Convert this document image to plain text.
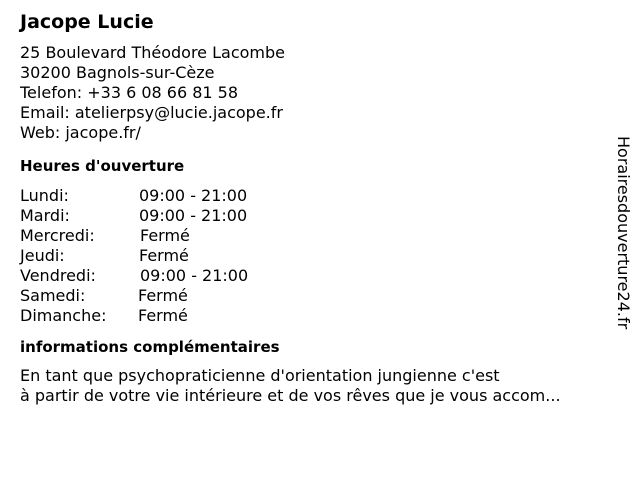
Jacope Lucie
25 Boulevard Théodore Lacombe
30200 Bagnols-sur-Cèze
Telefon: +33 6 08 66 81 58
Email: atelierpsy@lucie.jacope.fr
Web: jacope.fr/
Heures d'ouverture
Lundi:	09:00 - 21:00
Mardi:	09:00 - 21:00
Mercredi:	Fermé
Jeudi:	Fermé
Vendredi:	09:00 - 21:00
Samedi:	Fermé
Dimanche:	Fermé
informations complémentaires
En tant que psychopraticienne d'orientation jungienne c'est
à partir de votre vie intérieure et de vos rêves que je vous accom...
Horairesdouverture24.fr
